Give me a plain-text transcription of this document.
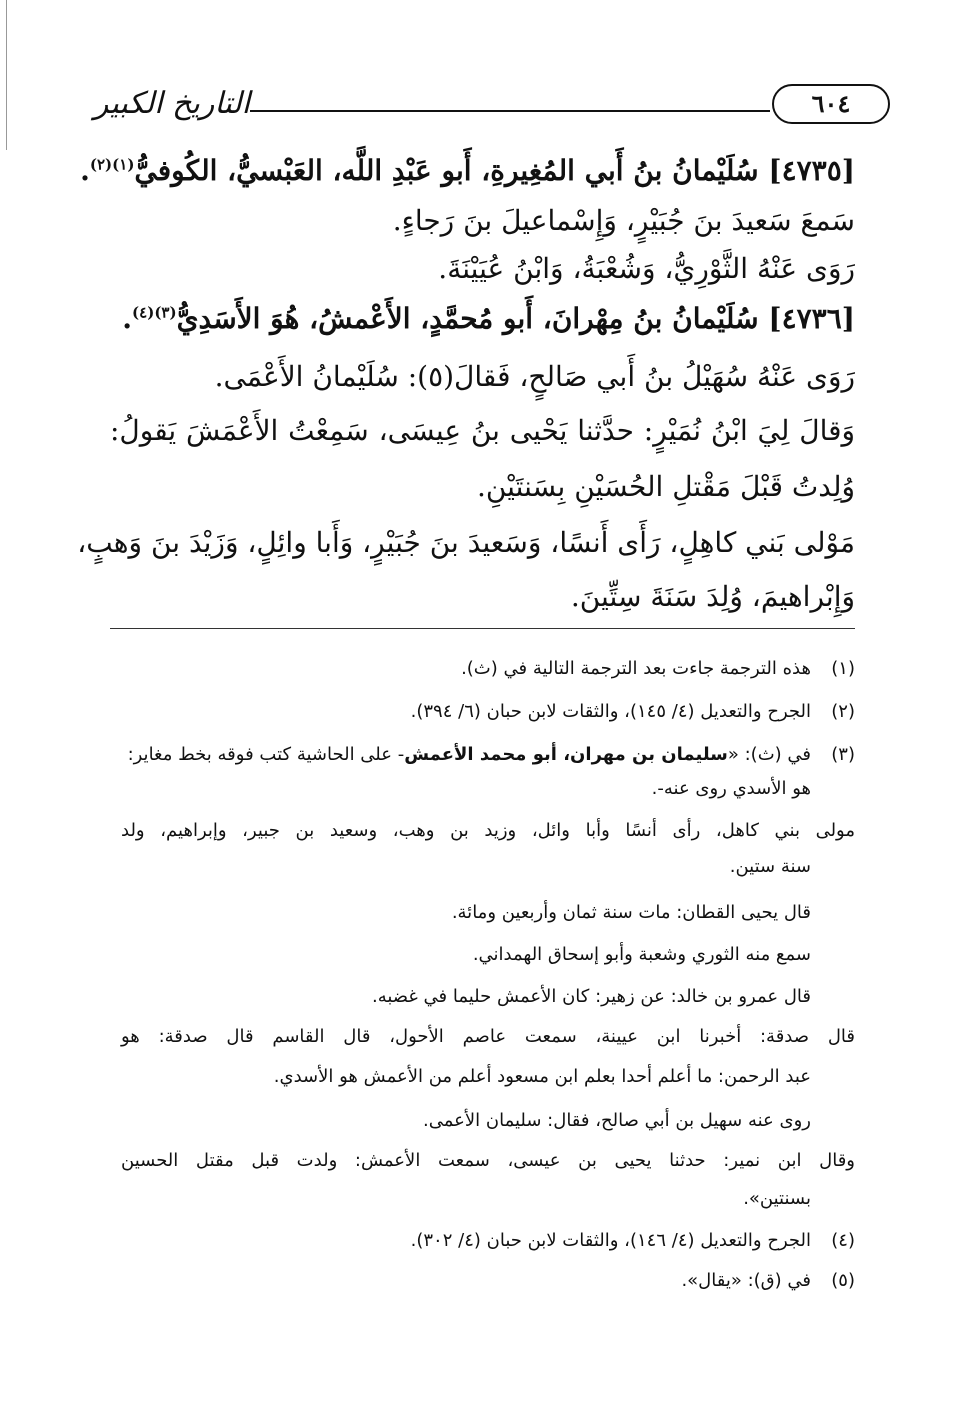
التاريخ الكبير	٦٠٤
[٤٧٣٥] سُلَيْمانُ بنُ أَبي المُغِيرةِ، أَبو عَبْدِ اللَّه، العَبْسيُّ، الكُوفيُّ$^{(١)(٢)}$.
سَمعَ سَعيدَ بنَ جُبَيْرٍ، وَإِسْماعيلَ بنَ رَجاءٍ.
رَوَى عَنْهُ الثَّوْرِيُّ، وَشُعْبَةُ، وَابْنُ عُيَيْنَةَ.
[٤٧٣٦] سُلَيْمانُ بنُ مِهْرانَ، أَبو مُحمَّدٍ، الأَعْمشُ، هُوَ الأَسَدِيُّ$^{(٣)(٤)}$.
رَوَى عَنْهُ سُهَيْلُ بنُ أَبي صَالحٍ، فَقالَ(٥): سُلَيْمانُ الأَعْمَى.
وَقالَ لِيَ ابْنُ نُمَيْرٍ: حدَّثنا يَحْيى بنُ عِيسَى، سَمِعْتُ الأَعْمَشَ يَقولُ:
وُلِدتُ قَبْلَ مَقْتلِ الحُسَيْنِ بِسَنتَيْنِ.
مَوْلى بَني كاهِلٍ، رَأَى أَنسًا، وَسَعيدَ بنَ جُبَيْرٍ، وَأَبا وائِلٍ، وَزَيْدَ بنَ وَهبٍ،
وَإِبْراهيمَ، وُلِدَ سَنَةَ سِتِّينَ.
(١)هذه الترجمة جاءت بعد الترجمة التالية في (ث).
(٢)الجرح والتعديل (٤/ ١٤٥)، والثقات لابن حبان (٦/ ٣٩٤).
(٣)في (ث): «سليمان بن مهران، أبو محمد الأعمش- على الحاشية كتب فوقه بخط مغاير:
هو الأسدي روى عنه-.
مولى بني كاهل، رأى أنسًا وأبا وائل، وزيد بن وهب، وسعيد بن جبير، وإبراهيم، ولد
سنة ستين.
قال يحيى القطان: مات سنة ثمان وأربعين ومائة.
سمع منه الثوري وشعبة وأبو إسحاق الهمداني.
قال عمرو بن خالد: عن زهير: كان الأعمش حليما في غضبه.
قال صدقة: أخبرنا ابن عيينة، سمعت عاصم الأحول، قال القاسم قال صدقة: هو
عبد الرحمن: ما أعلم أحدا بعلم ابن مسعود أعلم من الأعمش هو الأسدي.
روى عنه سهيل بن أبي صالح، فقال: سليمان الأعمى.
وقال ابن نمير: حدثنا يحيى بن عيسى، سمعت الأعمش: ولدت قبل مقتل الحسين
بسنتين».
(٤)الجرح والتعديل (٤/ ١٤٦)، والثقات لابن حبان (٤/ ٣٠٢).
(٥)في (ق): «يقال».
